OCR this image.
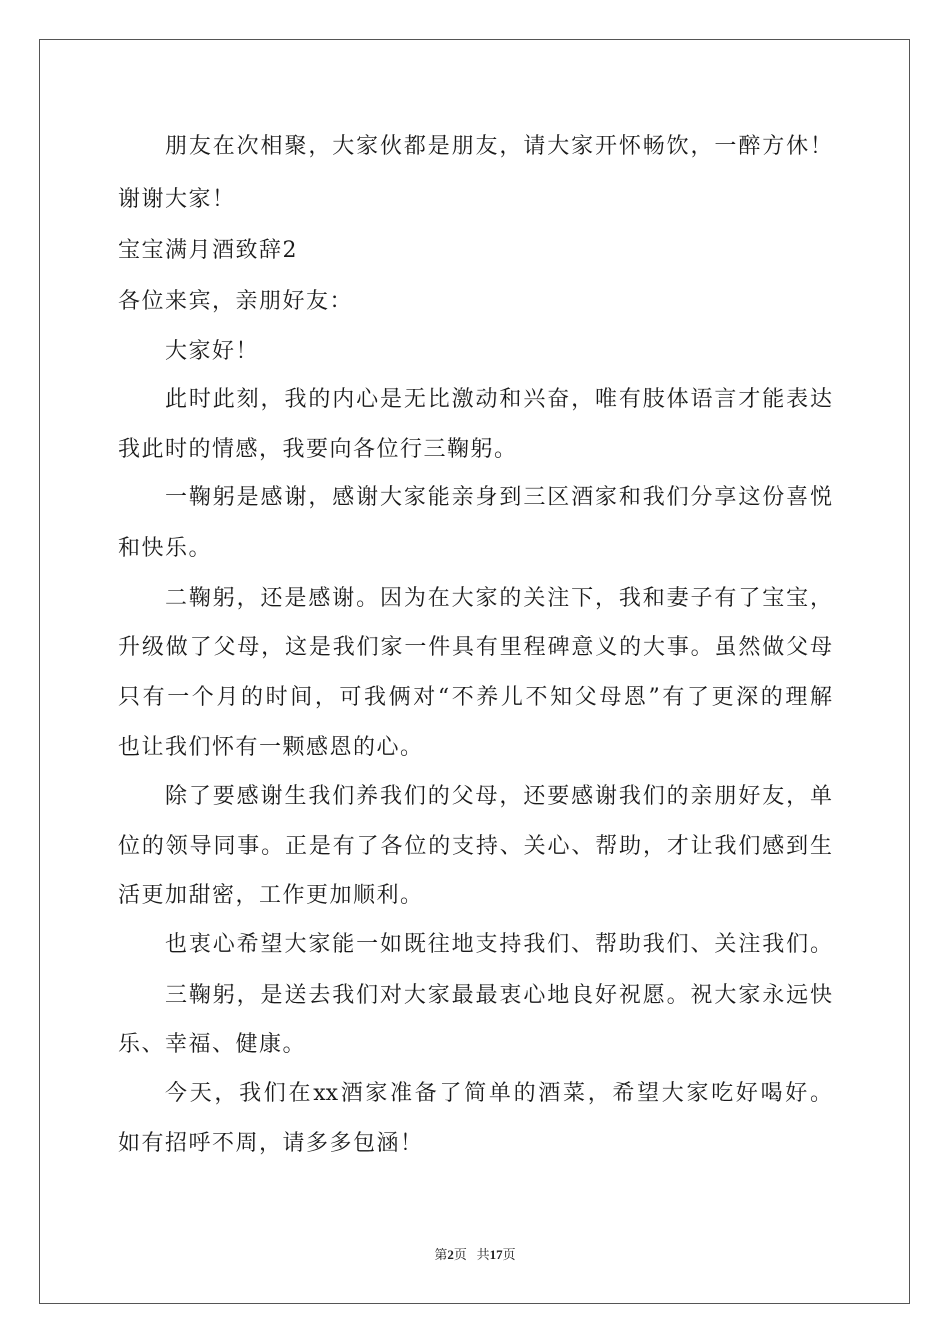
朋友在次相聚，大家伙都是朋友，请大家开怀畅饮，一醉方休！
谢谢大家！
宝宝满月酒致辞2
各位来宾，亲朋好友：
大家好！
此时此刻，我的内心是无比激动和兴奋，唯有肢体语言才能表达
我此时的情感，我要向各位行三鞠躬。
一鞠躬是感谢，感谢大家能亲身到三区酒家和我们分享这份喜悦
和快乐。
二鞠躬，还是感谢。因为在大家的关注下，我和妻子有了宝宝，
升级做了父母，这是我们家一件具有里程碑意义的大事。虽然做父母
只有一个月的时间，可我俩对“不养儿不知父母恩”有了更深的理解
也让我们怀有一颗感恩的心。
除了要感谢生我们养我们的父母，还要感谢我们的亲朋好友，单
位的领导同事。正是有了各位的支持、关心、帮助，才让我们感到生
活更加甜密，工作更加顺利。
也衷心希望大家能一如既往地支持我们、帮助我们、关注我们。
三鞠躬，是送去我们对大家最最衷心地良好祝愿。祝大家永远快
乐、幸福、健康。
今天，我们在xx酒家准备了简单的酒菜，希望大家吃好喝好。
如有招呼不周，请多多包涵！
第2页 共17页
